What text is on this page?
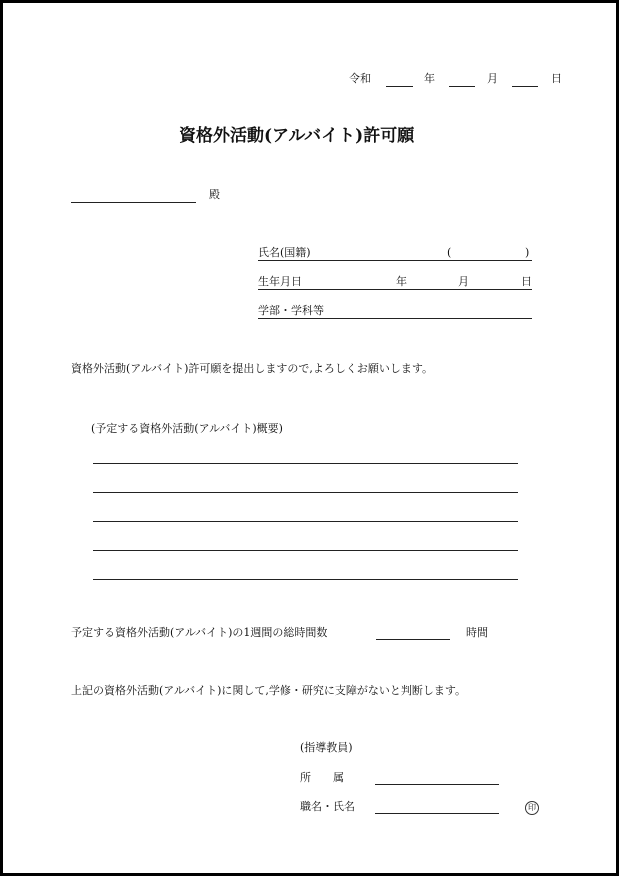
令和	年	月	日
資格外活動(アルバイト)許可願
殿
氏名(国籍)	(	)
生年月日	年	月	日
学部・学科等
資格外活動(アルバイト)許可願を提出しますので,よろしくお願いします。
(予定する資格外活動(アルバイト)概要)
予定する資格外活動(アルバイト)の1週間の総時間数	時間
上記の資格外活動(アルバイト)に関して,学修・研究に支障がないと判断します。
(指導教員)
所　　属
職名・氏名	印
